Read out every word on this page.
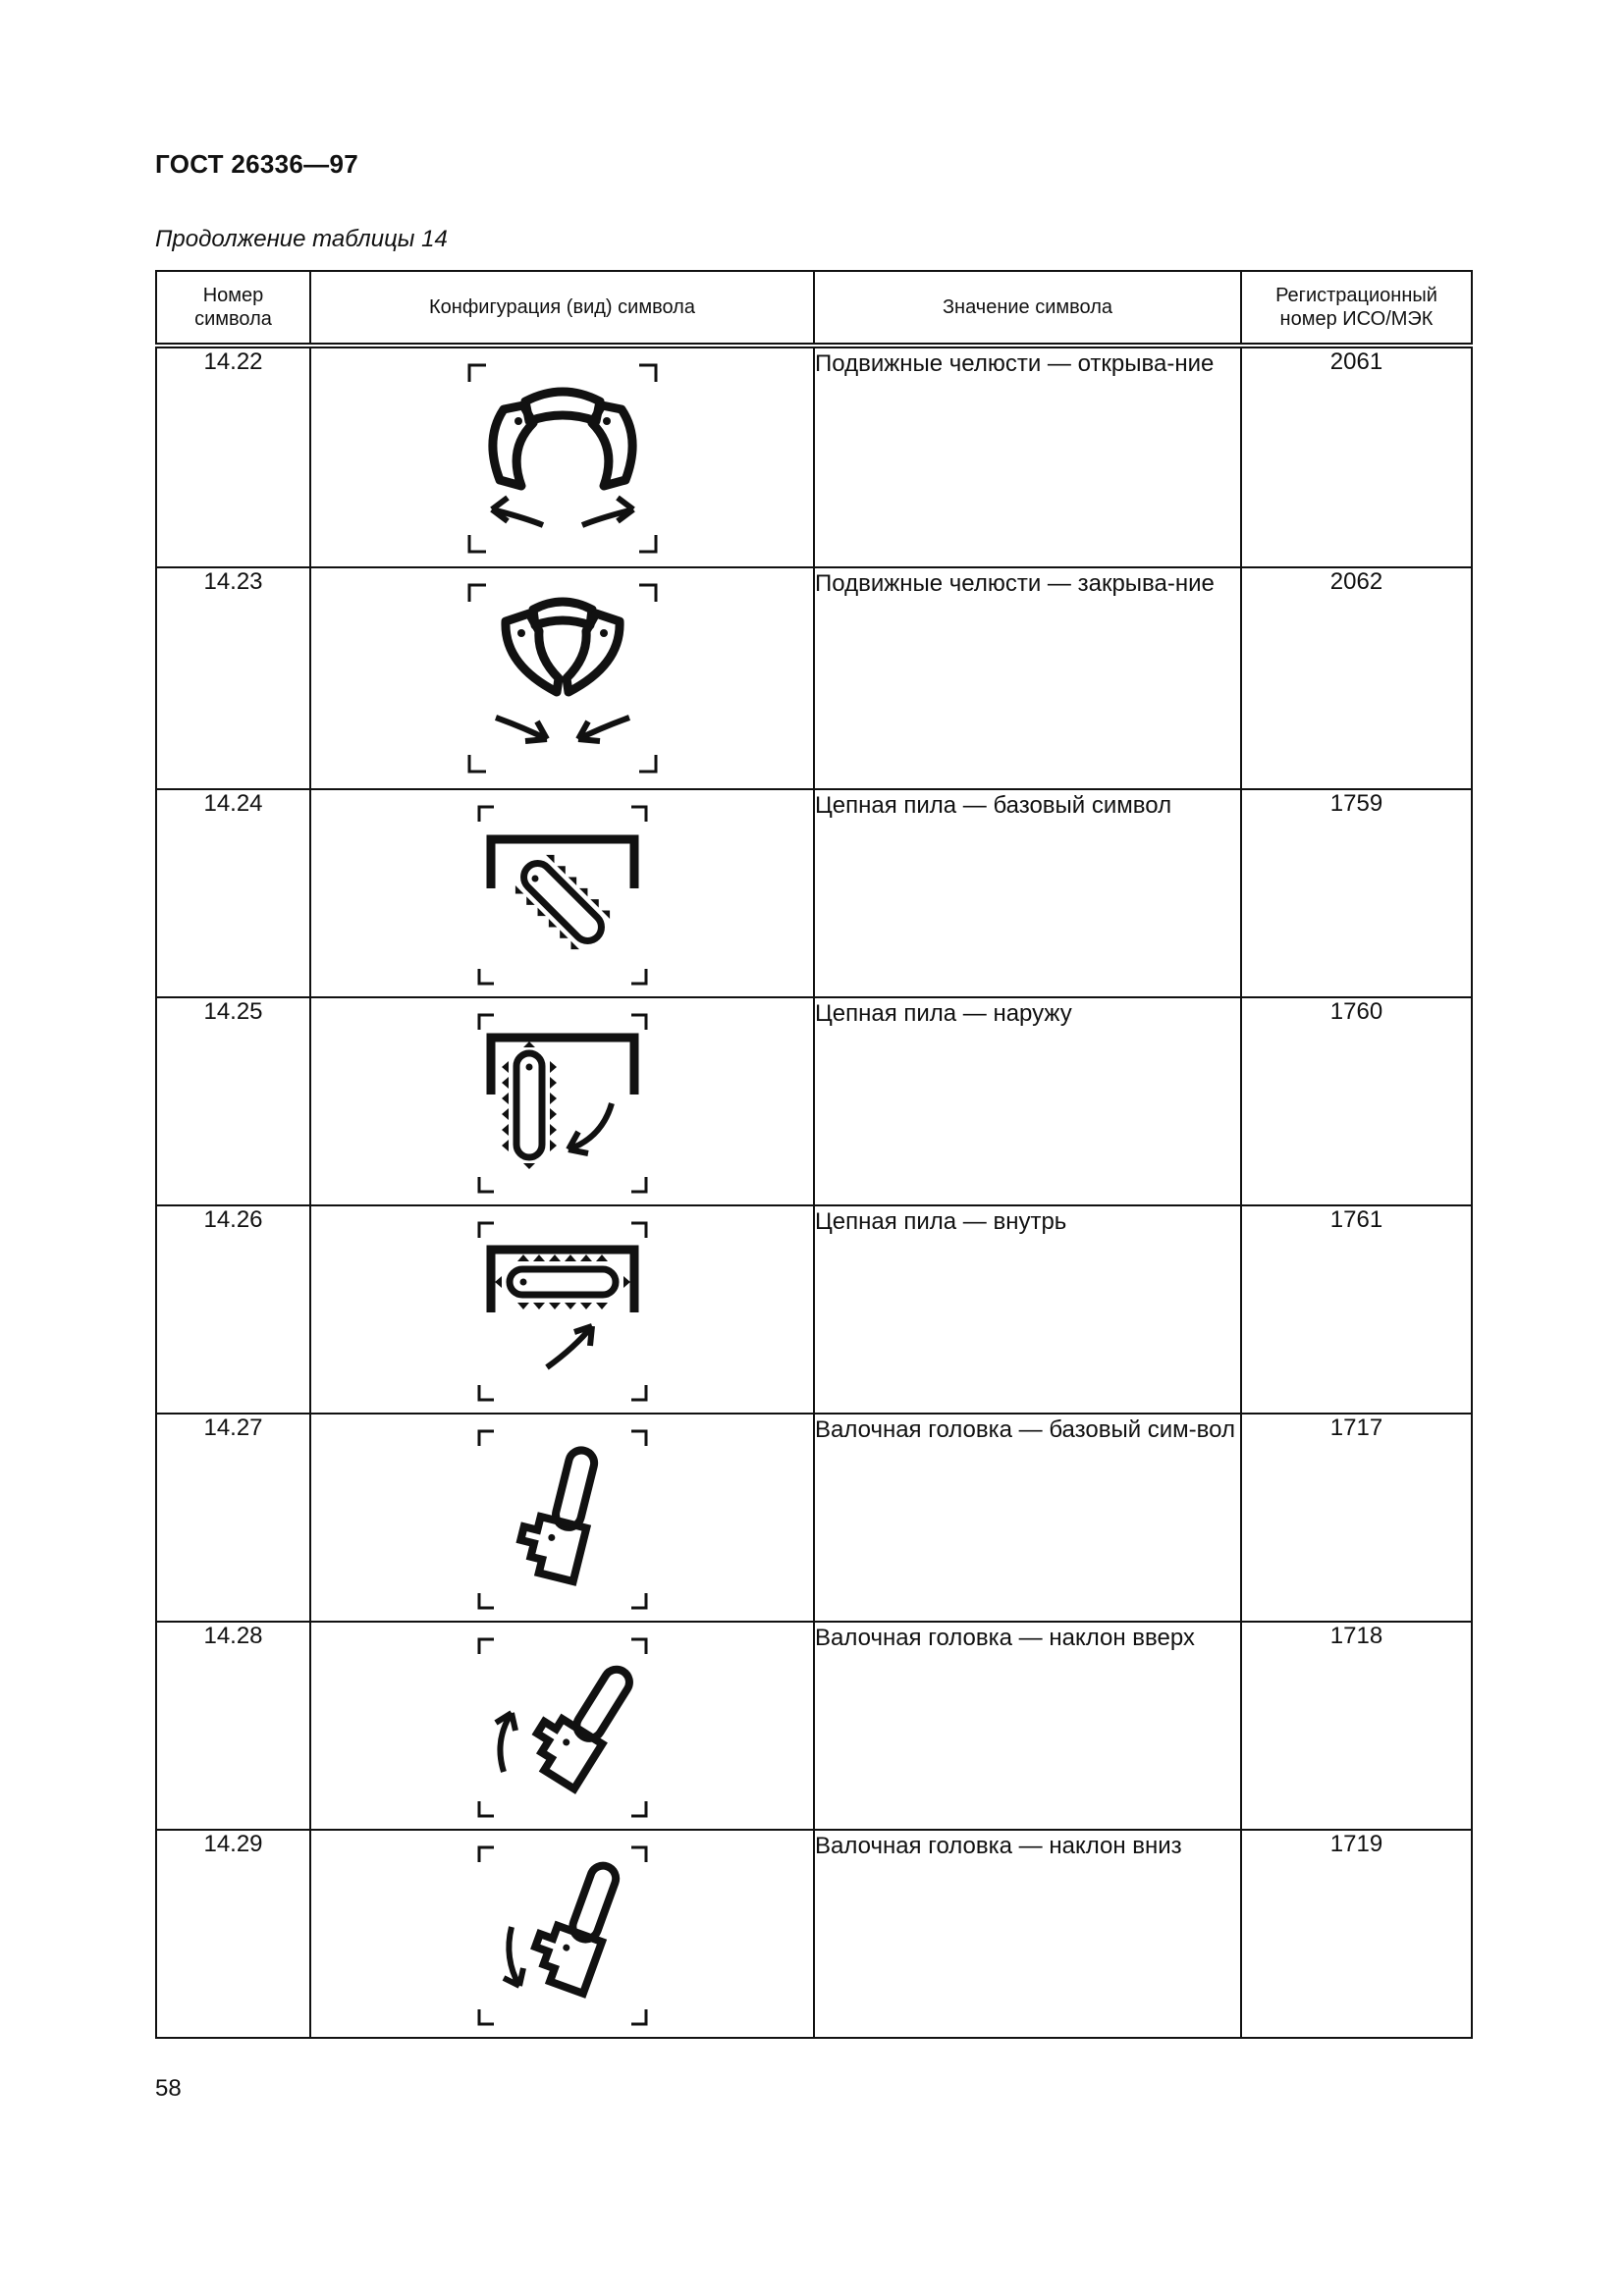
ГОСТ 26336—97
Продолжение таблицы 14
Номер символа	Конфигурация (вид) символа	Значение символа	Регистрационный номер ИСО/МЭК

14.22		Подвижные челюсти — открыва-ние	2061
14.23		Подвижные челюсти — закрыва-ние	2062
14.24		Цепная пила — базовый символ	1759
14.25		Цепная пила — наружу	1760
14.26		Цепная пила — внутрь	1761
14.27		Валочная головка — базовый сим-вол	1717
14.28		Валочная головка — наклон вверх	1718
14.29		Валочная головка — наклон вниз	1719
58
